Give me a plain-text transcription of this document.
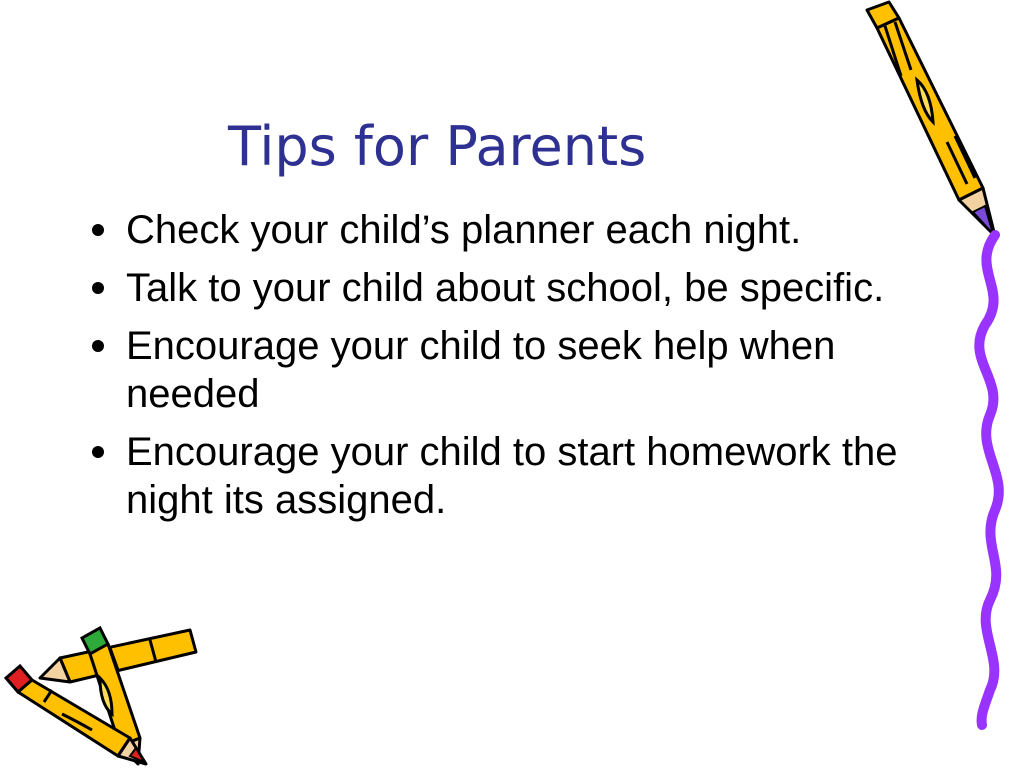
Tips for Parents
Check your child’s planner each night.
Talk to your child about school, be specific.
Encourage your child to seek help when needed
Encourage your child to start homework the night its assigned.
